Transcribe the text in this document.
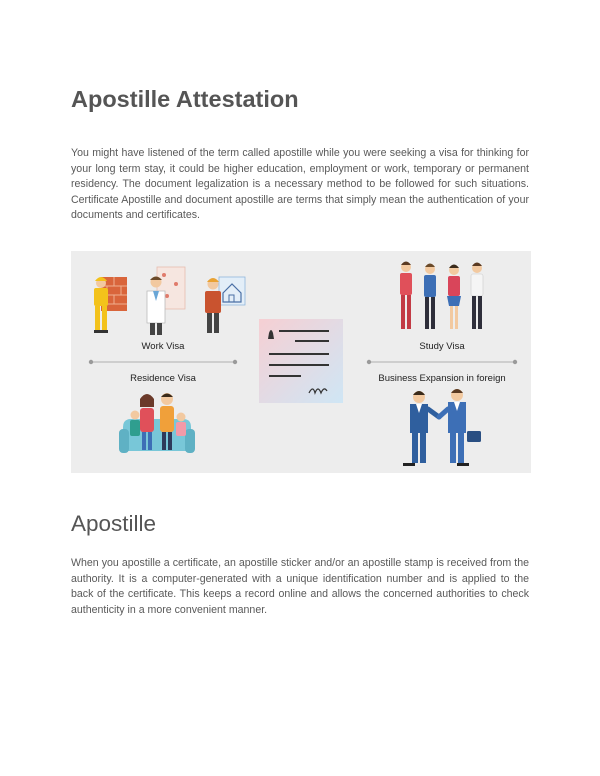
Apostille Attestation

You might have listened of the term called apostille while you were seeking a visa for thinking for your long term stay, it could be higher education, employment or work, temporary or permanent residency. The document legalization is a necessary method to be followed for such situations. Certificate Apostille and document apostille are terms that simply mean the authentication of your documents and certificates.

Work Visa	Study Visa
Residence Visa	Business Expansion in foreign
Apostille

When you apostille a certificate, an apostille sticker and/or an apostille stamp is received from the authority. It is a computer-generated with a unique identification number and is applied to the back of the certificate. This keeps a record online and allows the concerned authorities to check authenticity in a more convenient manner.
